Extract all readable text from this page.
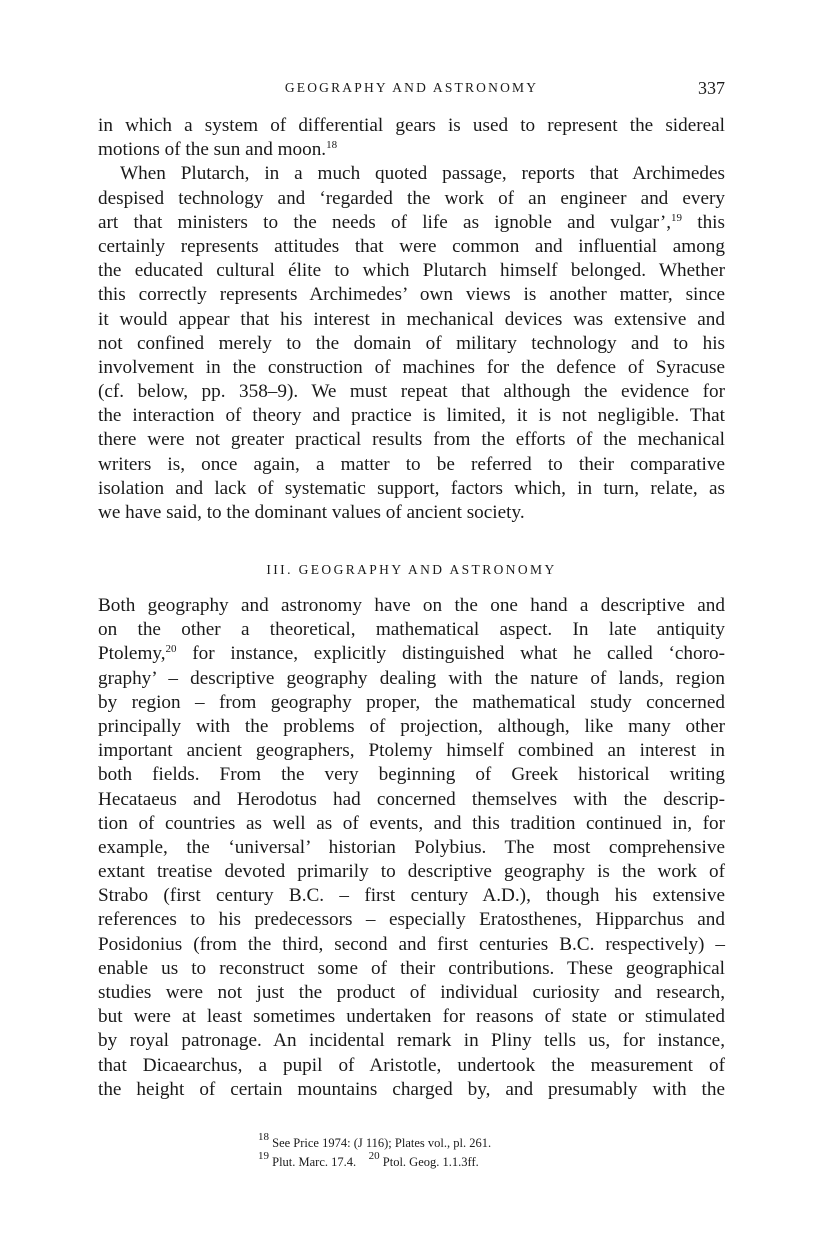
GEOGRAPHY AND ASTRONOMY	337
in which a system of differential gears is used to represent the sidereal
motions of the sun and moon.$^{18}$
When Plutarch, in a much quoted passage, reports that Archimedes
despised technology and ‘regarded the work of an engineer and every
art that ministers to the needs of life as ignoble and vulgar’,$^{19}$ this
certainly represents attitudes that were common and influential among
the educated cultural élite to which Plutarch himself belonged. Whether
this correctly represents Archimedes’ own views is another matter, since
it would appear that his interest in mechanical devices was extensive and
not confined merely to the domain of military technology and to his
involvement in the construction of machines for the defence of Syracuse
(cf. below, pp. 358–9). We must repeat that although the evidence for
the interaction of theory and practice is limited, it is not negligible. That
there were not greater practical results from the efforts of the mechanical
writers is, once again, a matter to be referred to their comparative
isolation and lack of systematic support, factors which, in turn, relate, as
we have said, to the dominant values of ancient society.
III. GEOGRAPHY AND ASTRONOMY
Both geography and astronomy have on the one hand a descriptive and
on the other a theoretical, mathematical aspect. In late antiquity
Ptolemy,$^{20}$ for instance, explicitly distinguished what he called ‘choro-
graphy’ – descriptive geography dealing with the nature of lands, region
by region – from geography proper, the mathematical study concerned
principally with the problems of projection, although, like many other
important ancient geographers, Ptolemy himself combined an interest in
both fields. From the very beginning of Greek historical writing
Hecataeus and Herodotus had concerned themselves with the descrip-
tion of countries as well as of events, and this tradition continued in, for
example, the ‘universal’ historian Polybius. The most comprehensive
extant treatise devoted primarily to descriptive geography is the work of
Strabo (first century B.C. – first century A.D.), though his extensive
references to his predecessors – especially Eratosthenes, Hipparchus and
Posidonius (from the third, second and first centuries B.C. respectively) –
enable us to reconstruct some of their contributions. These geographical
studies were not just the product of individual curiosity and research,
but were at least sometimes undertaken for reasons of state or stimulated
by royal patronage. An incidental remark in Pliny tells us, for instance,
that Dicaearchus, a pupil of Aristotle, undertook the measurement of
the height of certain mountains charged by, and presumably with the
$^{18}$ See Price 1974: (J 116); Plates vol., pl. 261.
$^{19}$ Plut. Marc. 17.4. $^{20}$ Ptol. Geog. 1.1.3ff.
